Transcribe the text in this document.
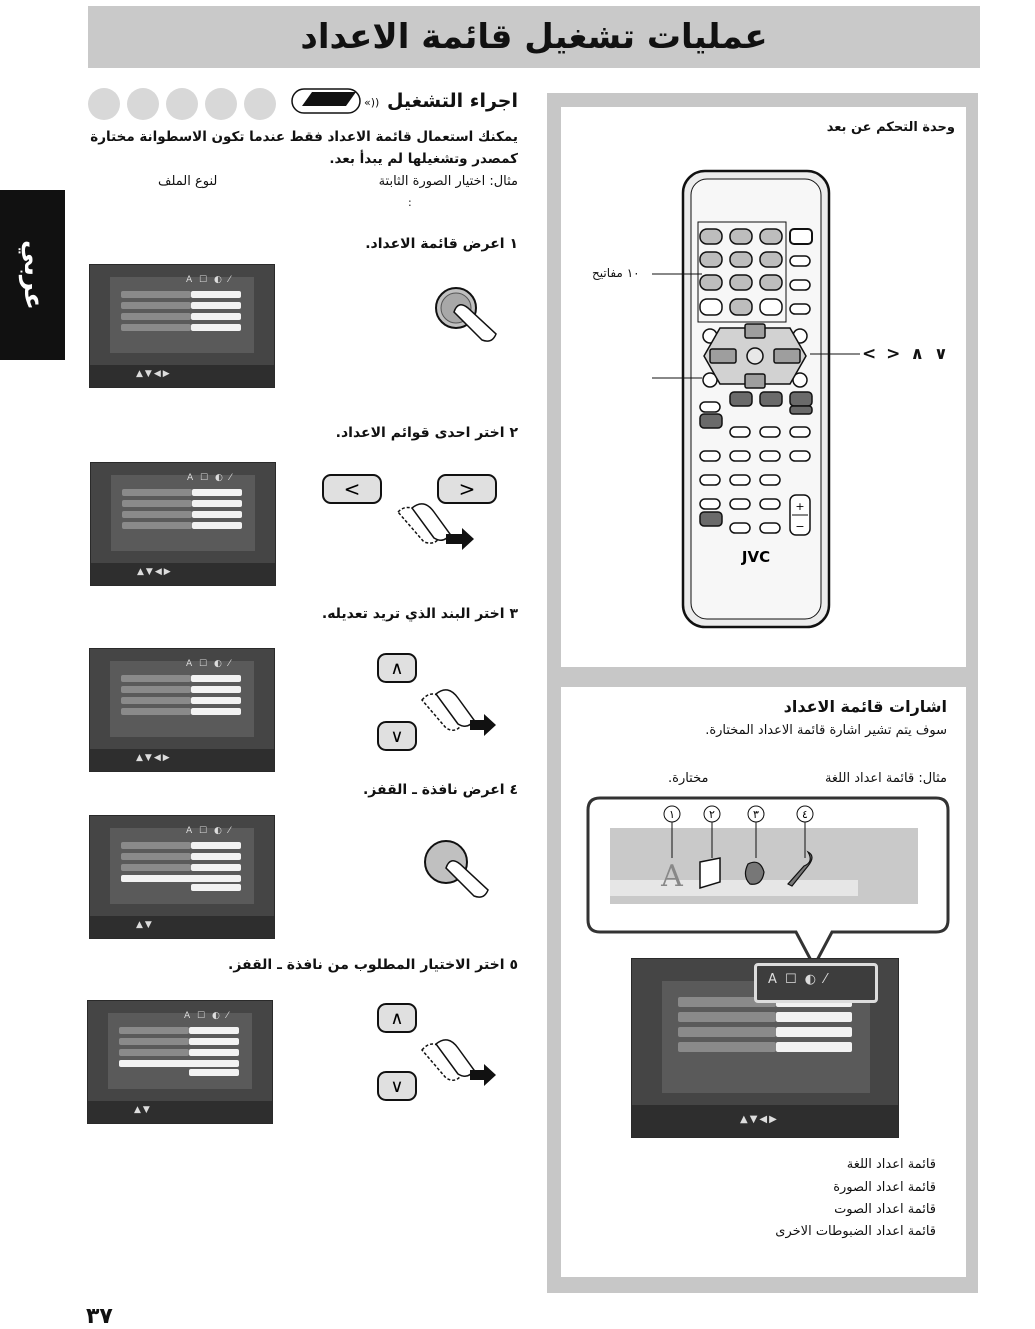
عمليات تشغيل قائمة الاعداد
عربي
«)) اجراء التشغيل
يمكنك استعمال قائمة الاعداد فقط عندما تكون الاسطوانة مختارة كمصدر وتشغيلها لم يبدأ بعد.
مثال: اختيار الصورة الثابتة
لنوع الملف
:
١ اعرض قائمة الاعداد.
٢ اختر احدى قوائم الاعداد.
٣ اختر البند الذي تريد تعديله.
٤ اعرض نافذة ـ القفز.
٥ اختر الاختيار المطلوب من نافذة ـ القفز.
A ☐ ◐ ⁄
▲▼◀▶
A ☐ ◐ ⁄
▲▼◀▶
A ☐ ◐ ⁄
▲▼◀▶
A ☐ ◐ ⁄
▲▼
A ☐ ◐ ⁄
▲▼
<	>
∧
∨
∧
∨
وحدة التحكم عن بعد
+
−
JVC
١٠ مفاتيح
< > ∧ ∨
اشارات قائمة الاعداد
سوف يتم تشير اشارة قائمة الاعداد المختارة.
مثال: قائمة اعداد اللغة
مختارة.
١	٢	٣	٤
A
A ☐ ◐ ⁄
▲▼◀▶
قائمة اعداد اللغة
قائمة اعداد الصورة
قائمة اعداد الصوت
قائمة اعداد الضبوطات الاخرى
٣٧
